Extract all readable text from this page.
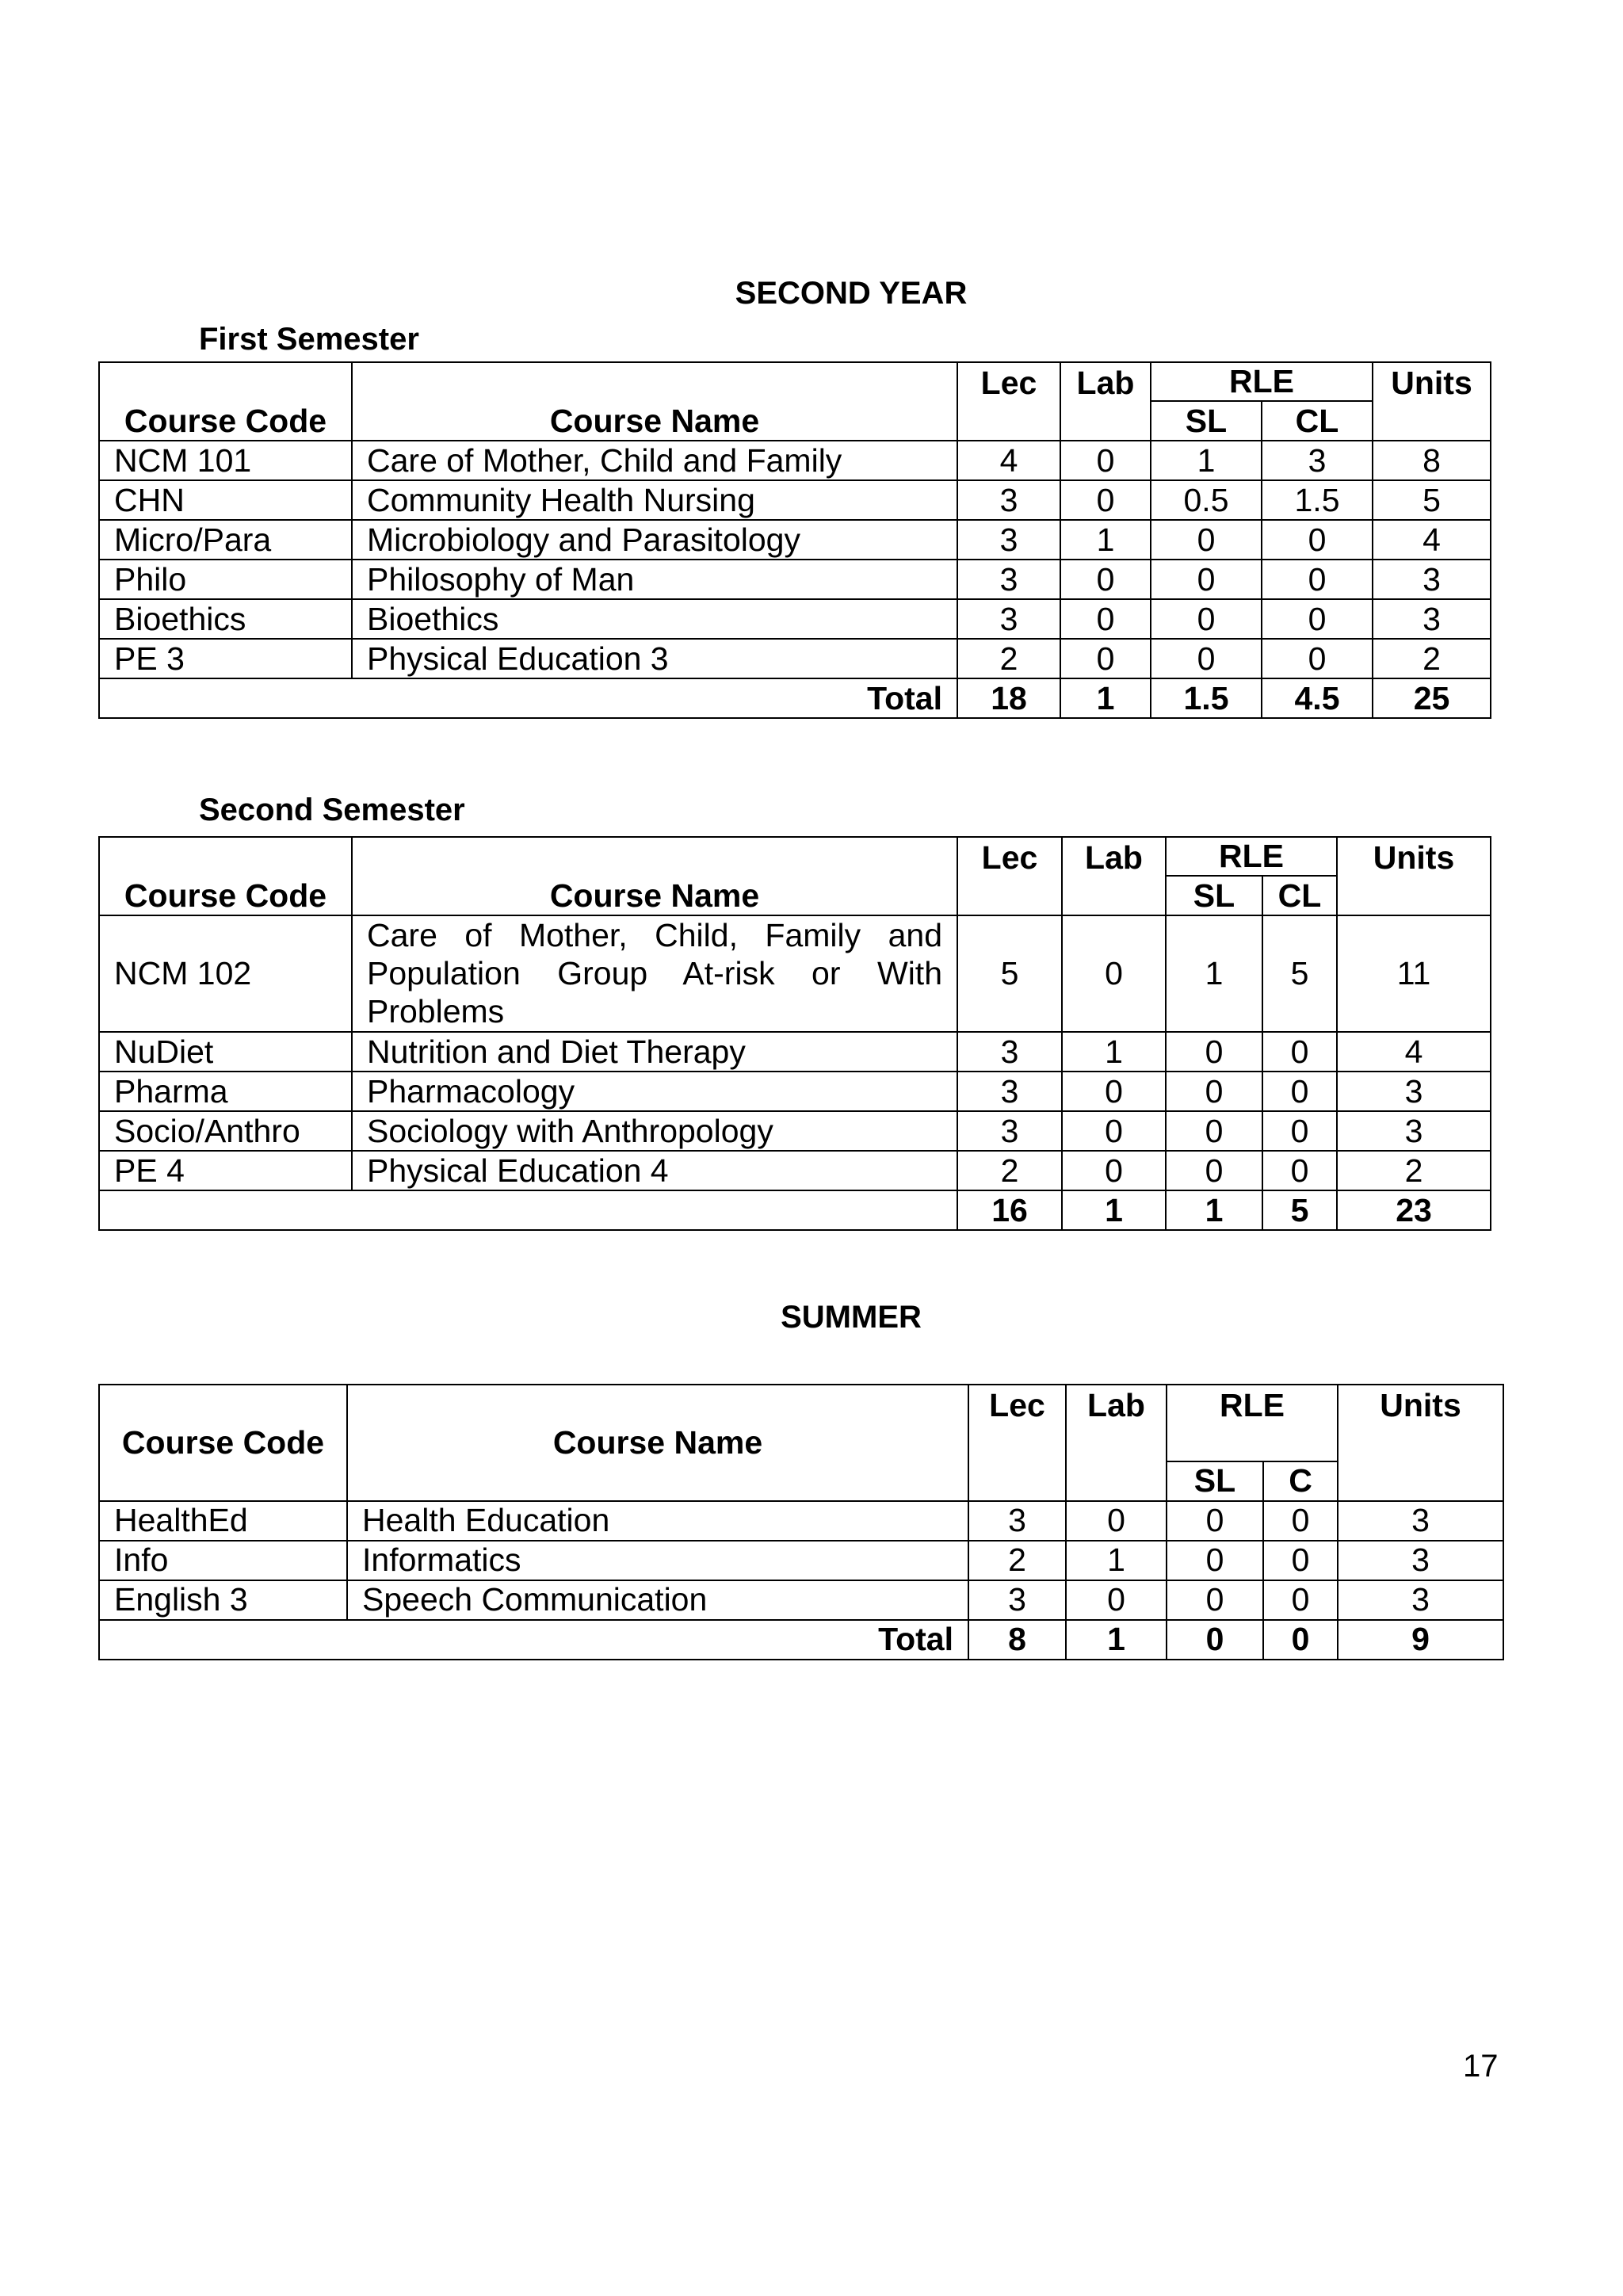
SECOND YEAR
First Semester
Course Code	Course Name	Lec	Lab	RLE		Units
				SL	CL	
NCM 101	Care of Mother, Child and Family	4	0	1	3	8
CHN	Community Health Nursing	3	0	0.5	1.5	5
Micro/Para	Microbiology and Parasitology	3	1	0	0	4
Philo	Philosophy of Man	3	0	0	0	3
Bioethics	Bioethics	3	0	0	0	3
PE 3	Physical Education 3	2	0	0	0	2
Total		18	1	1.5	4.5	25
Second Semester
Course Code	Course Name	Lec	Lab	RLE		Units
				SL	CL	
NCM 102	Care of Mother, Child, Family and Population Group At-risk or With Problems	5	0	1	5	11
NuDiet	Nutrition and Diet Therapy	3	1	0	0	4
Pharma	Pharmacology	3	0	0	0	3
Socio/Anthro	Sociology with Anthropology	3	0	0	0	3
PE 4	Physical Education 4	2	0	0	0	2
		16	1	1	5	23
SUMMER
Course Code	Course Name	Lec	Lab	RLE		Units
				SL	C	
HealthEd	Health Education	3	0	0	0	3
Info	Informatics	2	1	0	0	3
English 3	Speech Communication	3	0	0	0	3
Total		8	1	0	0	9
17
